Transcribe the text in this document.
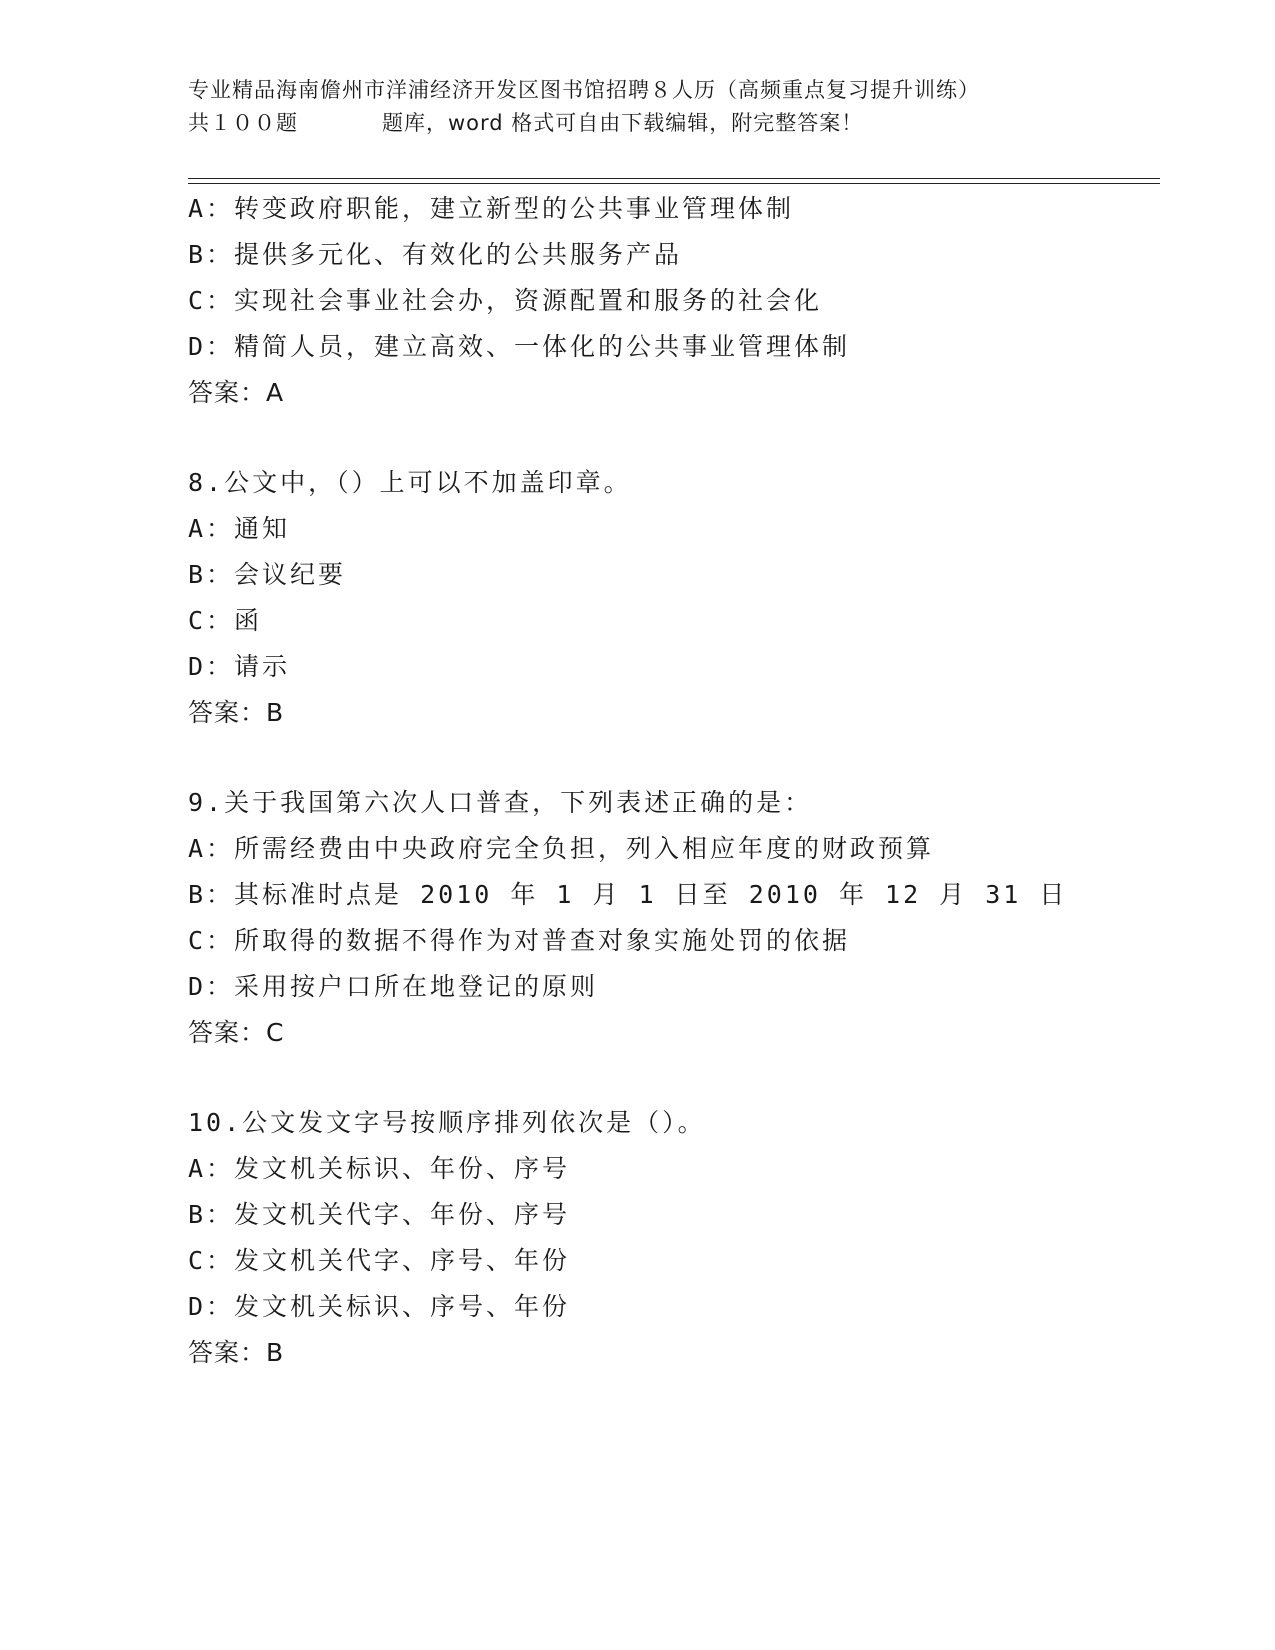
专业精品海南儋州市洋浦经济开发区图书馆招聘８人历（高频重点复习提升训练）
共１００题	题库，word 格式可自由下载编辑，附完整答案！
A：转变政府职能，建立新型的公共事业管理体制
B：提供多元化、有效化的公共服务产品
C：实现社会事业社会办，资源配置和服务的社会化
D：精简人员，建立高效、一体化的公共事业管理体制
答案：A
8.公文中，（）上可以不加盖印章。
A：通知
B：会议纪要
C：函
D：请示
答案：B
9.关于我国第六次人口普查，下列表述正确的是：
A：所需经费由中央政府完全负担，列入相应年度的财政预算
B：其标准时点是 2010 年 1 月 1 日至 2010 年 12 月 31 日
C：所取得的数据不得作为对普查对象实施处罚的依据
D：采用按户口所在地登记的原则
答案：C
10.公文发文字号按顺序排列依次是（）。
A：发文机关标识、年份、序号
B：发文机关代字、年份、序号
C：发文机关代字、序号、年份
D：发文机关标识、序号、年份
答案：B
